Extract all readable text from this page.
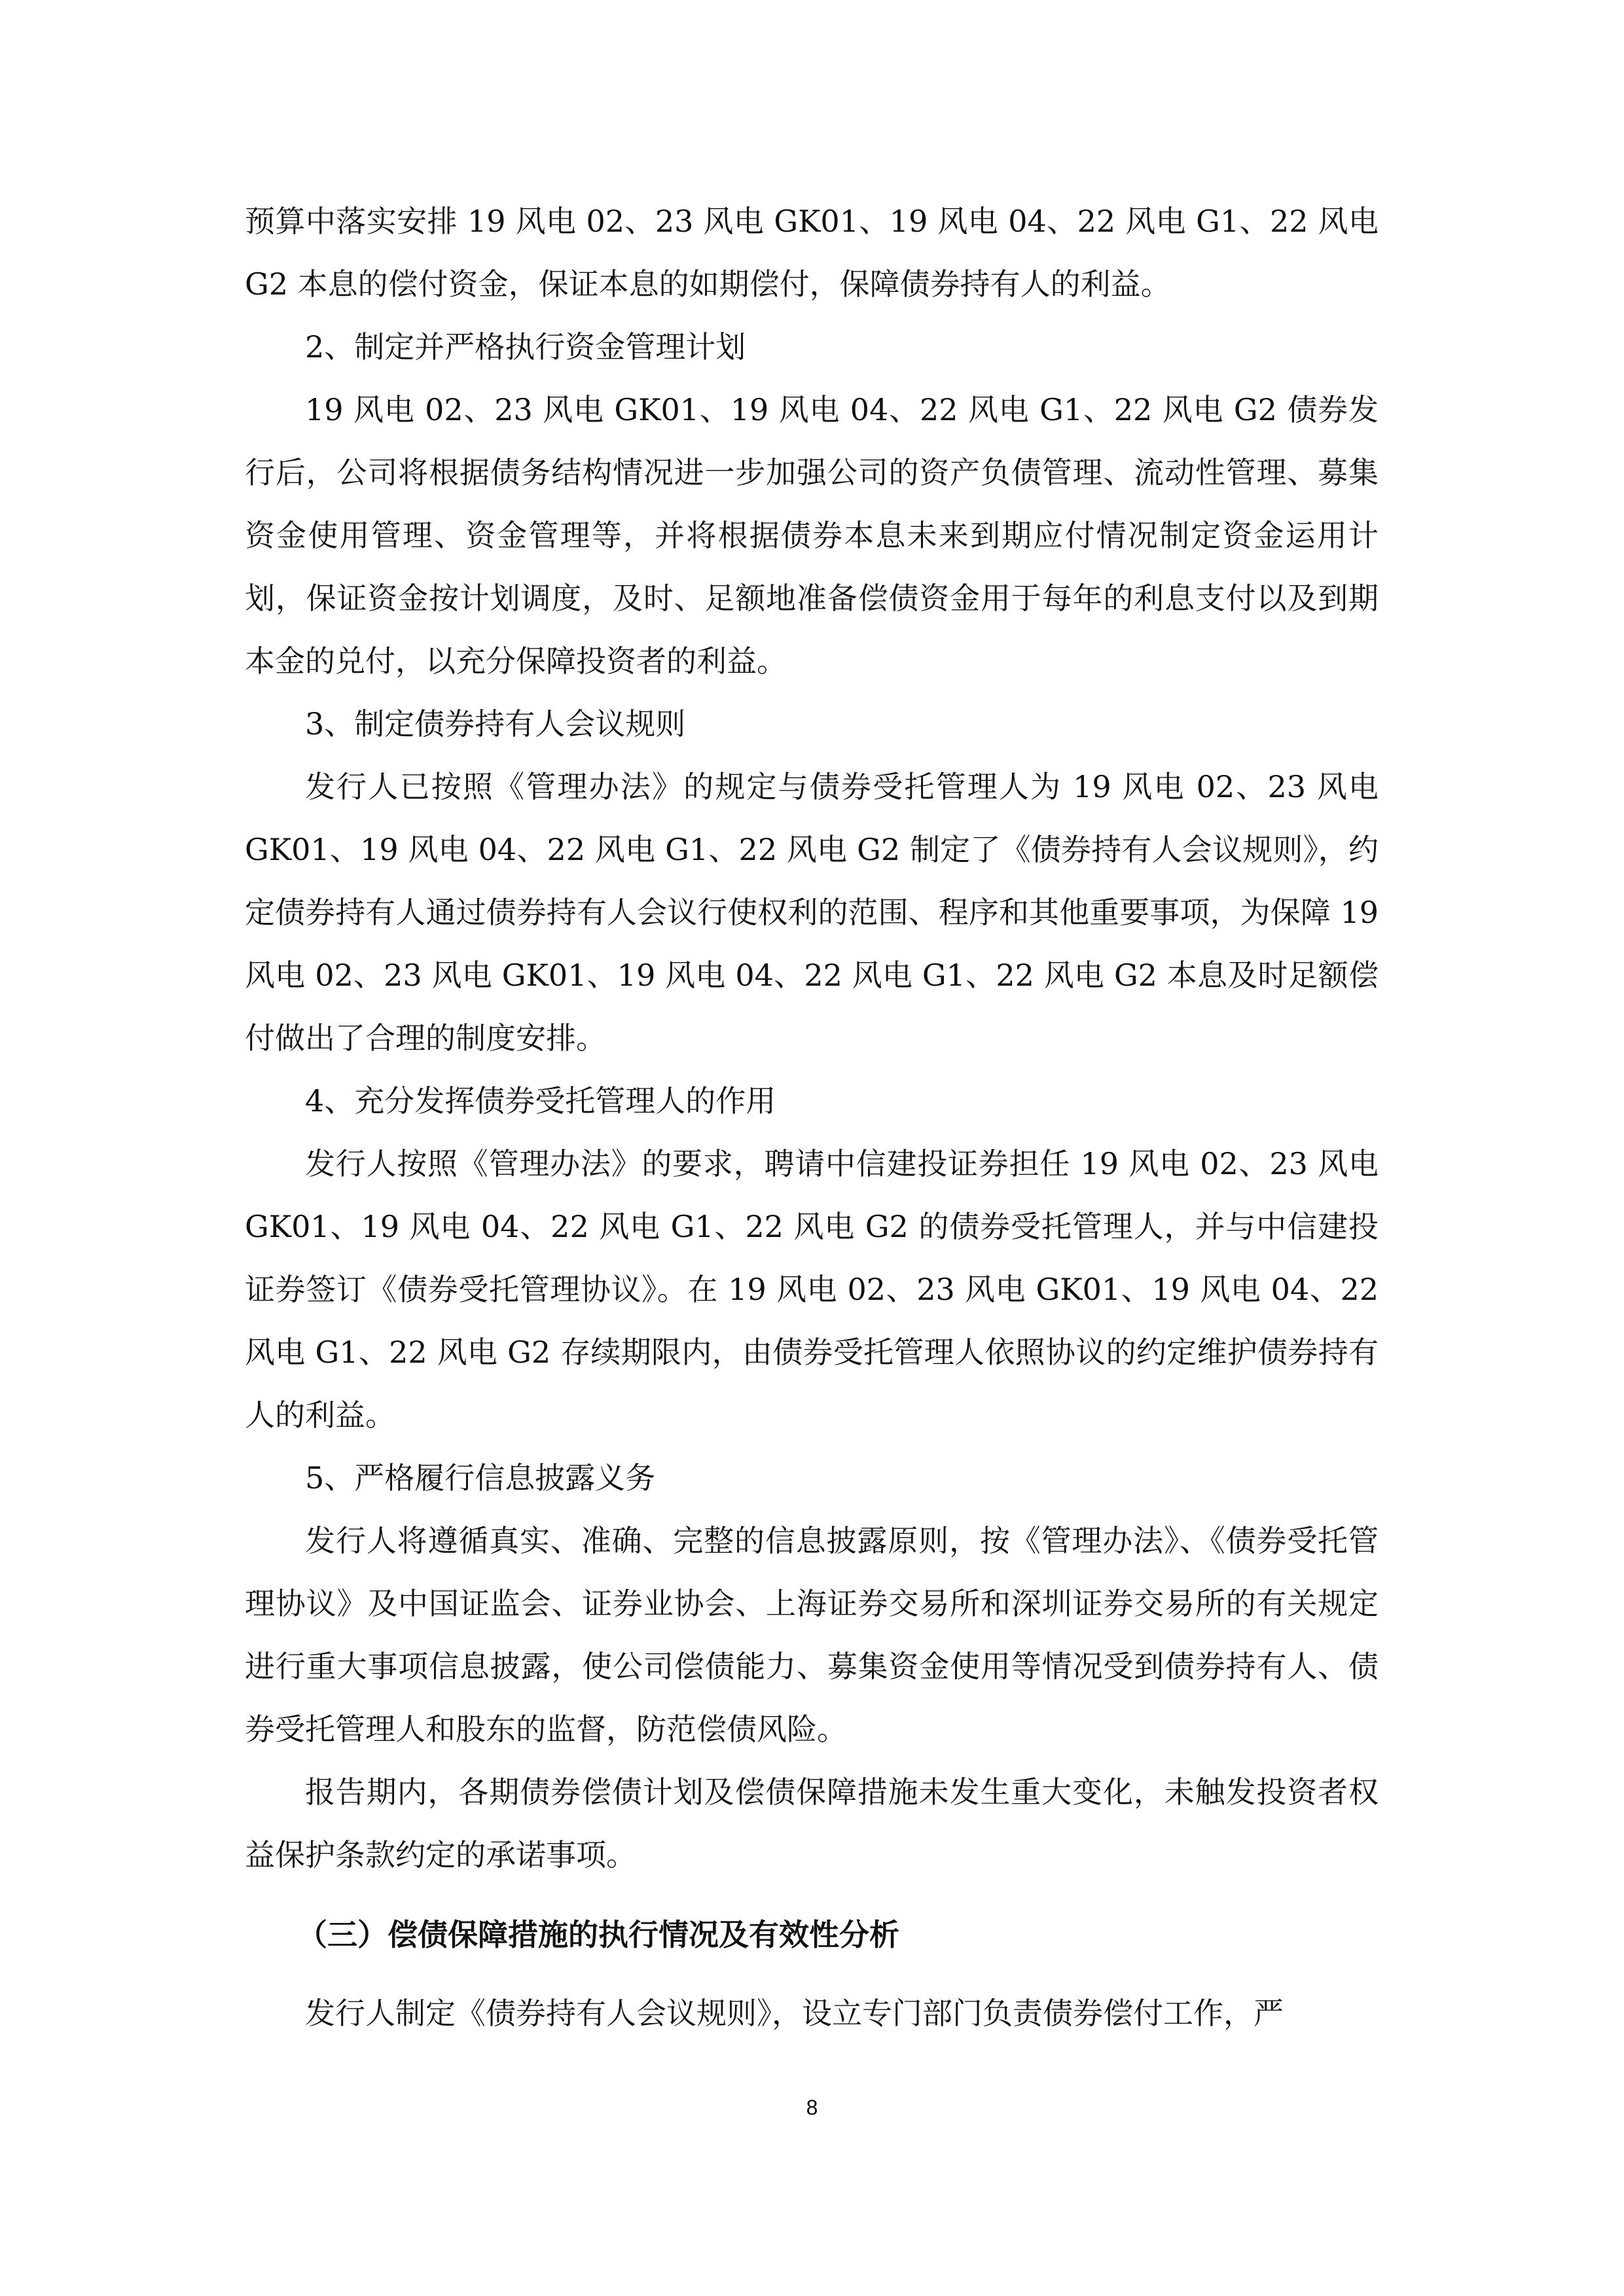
预算中落实安排 19 风电 02、23 风电 GK01、19 风电 04、22 风电 G1、22 风电 G2 本息的偿付资金，保证本息的如期偿付，保障债券持有人的利益。

2、制定并严格执行资金管理计划

19 风电 02、23 风电 GK01、19 风电 04、22 风电 G1、22 风电 G2 债券发行后，公司将根据债务结构情况进一步加强公司的资产负债管理、流动性管理、募集资金使用管理、资金管理等，并将根据债券本息未来到期应付情况制定资金运用计划，保证资金按计划调度，及时、足额地准备偿债资金用于每年的利息支付以及到期本金的兑付，以充分保障投资者的利益。

3、制定债券持有人会议规则

发行人已按照《管理办法》的规定与债券受托管理人为 19 风电 02、23 风电 GK01、19 风电 04、22 风电 G1、22 风电 G2 制定了《债券持有人会议规则》，约定债券持有人通过债券持有人会议行使权利的范围、程序和其他重要事项，为保障 19 风电 02、23 风电 GK01、19 风电 04、22 风电 G1、22 风电 G2 本息及时足额偿付做出了合理的制度安排。

4、充分发挥债券受托管理人的作用

发行人按照《管理办法》的要求，聘请中信建投证券担任 19 风电 02、23 风电 GK01、19 风电 04、22 风电 G1、22 风电 G2 的债券受托管理人，并与中信建投证券签订《债券受托管理协议》。在 19 风电 02、23 风电 GK01、19 风电 04、22 风电 G1、22 风电 G2 存续期限内，由债券受托管理人依照协议的约定维护债券持有人的利益。

5、严格履行信息披露义务

发行人将遵循真实、准确、完整的信息披露原则，按《管理办法》、《债券受托管理协议》及中国证监会、证券业协会、上海证券交易所和深圳证券交易所的有关规定进行重大事项信息披露，使公司偿债能力、募集资金使用等情况受到债券持有人、债券受托管理人和股东的监督，防范偿债风险。

报告期内，各期债券偿债计划及偿债保障措施未发生重大变化，未触发投资者权益保护条款约定的承诺事项。

（三）偿债保障措施的执行情况及有效性分析

发行人制定《债券持有人会议规则》，设立专门部门负责债券偿付工作，严

8
